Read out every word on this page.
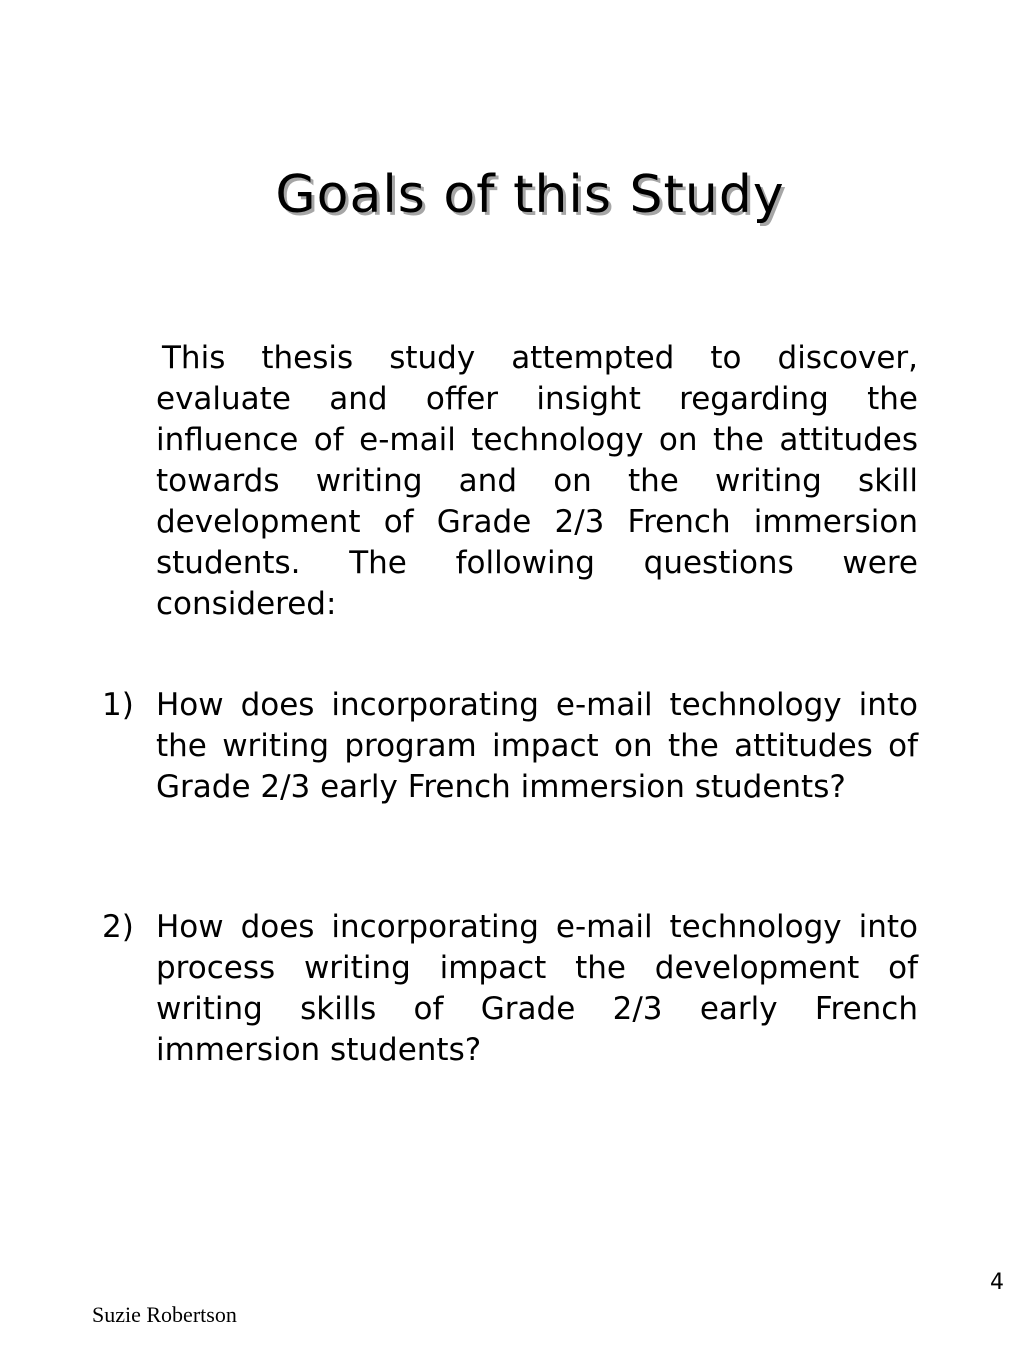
Goals of this Study

This thesis study attempted to discover, evaluate and offer insight regarding the influence of e-mail technology on the attitudes towards writing and on the writing skill development of Grade 2/3 French immersion students. The following questions were considered:

1) How does incorporating e-mail technology into the writing program impact on the attitudes of Grade 2/3 early French immersion students?

2) How does incorporating e-mail technology into process writing impact the development of writing skills of Grade 2/3 early French immersion students?

4
Suzie Robertson
